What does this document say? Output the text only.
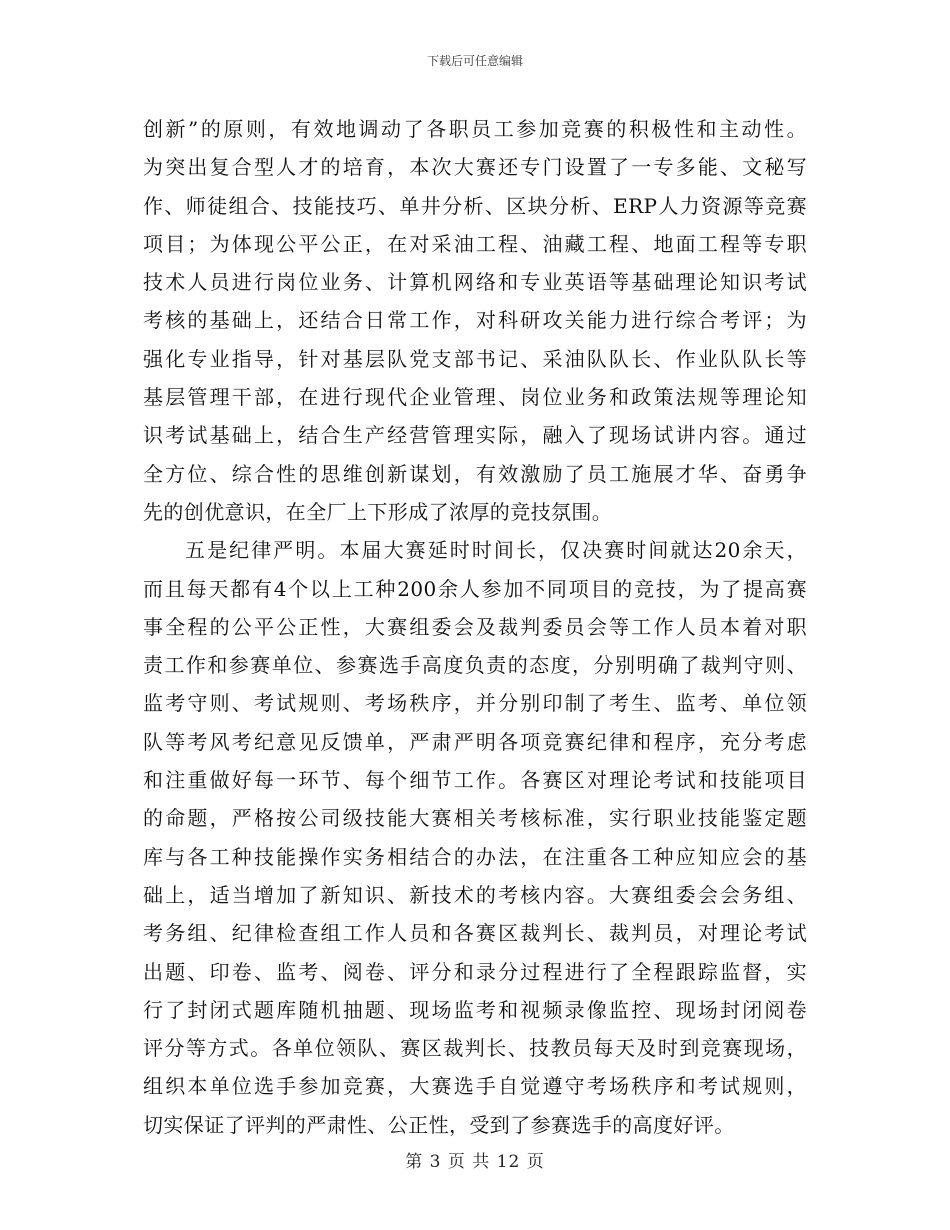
下载后可任意编辑
创新”的原则，有效地调动了各职员工参加竞赛的积极性和主动性。
为突出复合型人才的培育，本次大赛还专门设置了一专多能、文秘写
作、师徒组合、技能技巧、单井分析、区块分析、ERP人力资源等竞赛
项目；为体现公平公正，在对采油工程、油藏工程、地面工程等专职
技术人员进行岗位业务、计算机网络和专业英语等基础理论知识考试
考核的基础上，还结合日常工作，对科研攻关能力进行综合考评；为
强化专业指导，针对基层队党支部书记、采油队队长、作业队队长等
基层管理干部，在进行现代企业管理、岗位业务和政策法规等理论知
识考试基础上，结合生产经营管理实际，融入了现场试讲内容。通过
全方位、综合性的思维创新谋划，有效激励了员工施展才华、奋勇争
先的创优意识，在全厂上下形成了浓厚的竞技氛围。
五是纪律严明。本届大赛延时时间长，仅决赛时间就达20余天，
而且每天都有4个以上工种200余人参加不同项目的竞技，为了提高赛
事全程的公平公正性，大赛组委会及裁判委员会等工作人员本着对职
责工作和参赛单位、参赛选手高度负责的态度，分别明确了裁判守则、
监考守则、考试规则、考场秩序，并分别印制了考生、监考、单位领
队等考风考纪意见反馈单，严肃严明各项竞赛纪律和程序，充分考虑
和注重做好每一环节、每个细节工作。各赛区对理论考试和技能项目
的命题，严格按公司级技能大赛相关考核标准，实行职业技能鉴定题
库与各工种技能操作实务相结合的办法，在注重各工种应知应会的基
础上，适当增加了新知识、新技术的考核内容。大赛组委会会务组、
考务组、纪律检查组工作人员和各赛区裁判长、裁判员，对理论考试
出题、印卷、监考、阅卷、评分和录分过程进行了全程跟踪监督，实
行了封闭式题库随机抽题、现场监考和视频录像监控、现场封闭阅卷
评分等方式。各单位领队、赛区裁判长、技教员每天及时到竞赛现场，
组织本单位选手参加竞赛，大赛选手自觉遵守考场秩序和考试规则，
切实保证了评判的严肃性、公正性，受到了参赛选手的高度好评。
第 3 页 共 12 页
